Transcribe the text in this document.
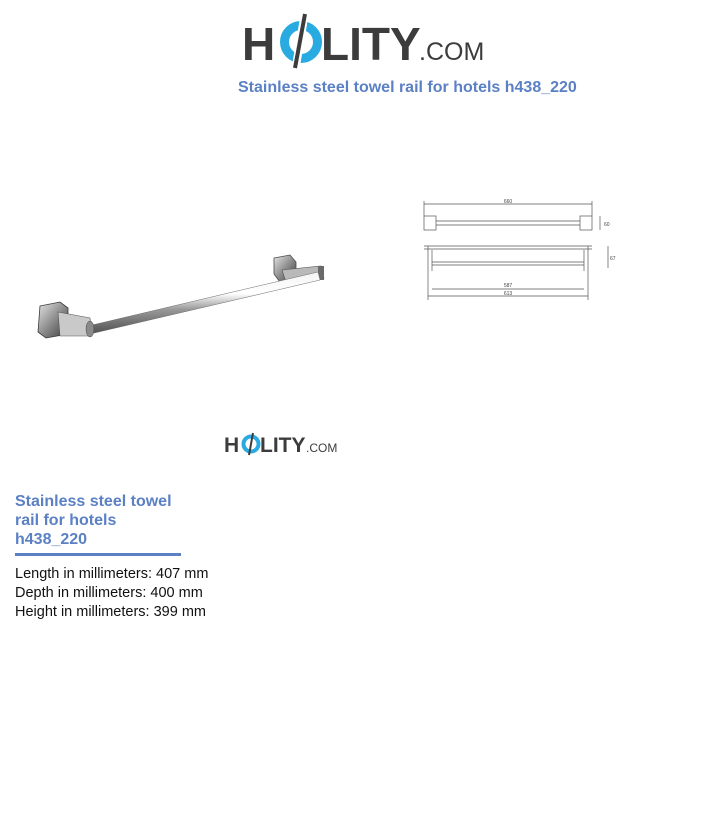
H LITY
.COM
Stainless steel towel rail for hotels h438_220
660
60
67
587
613
H LITY .COM
Stainless steel towel rail for hotels h438_220
Length in millimeters: 407 mm
Depth in millimeters: 400 mm
Height in millimeters: 399 mm
